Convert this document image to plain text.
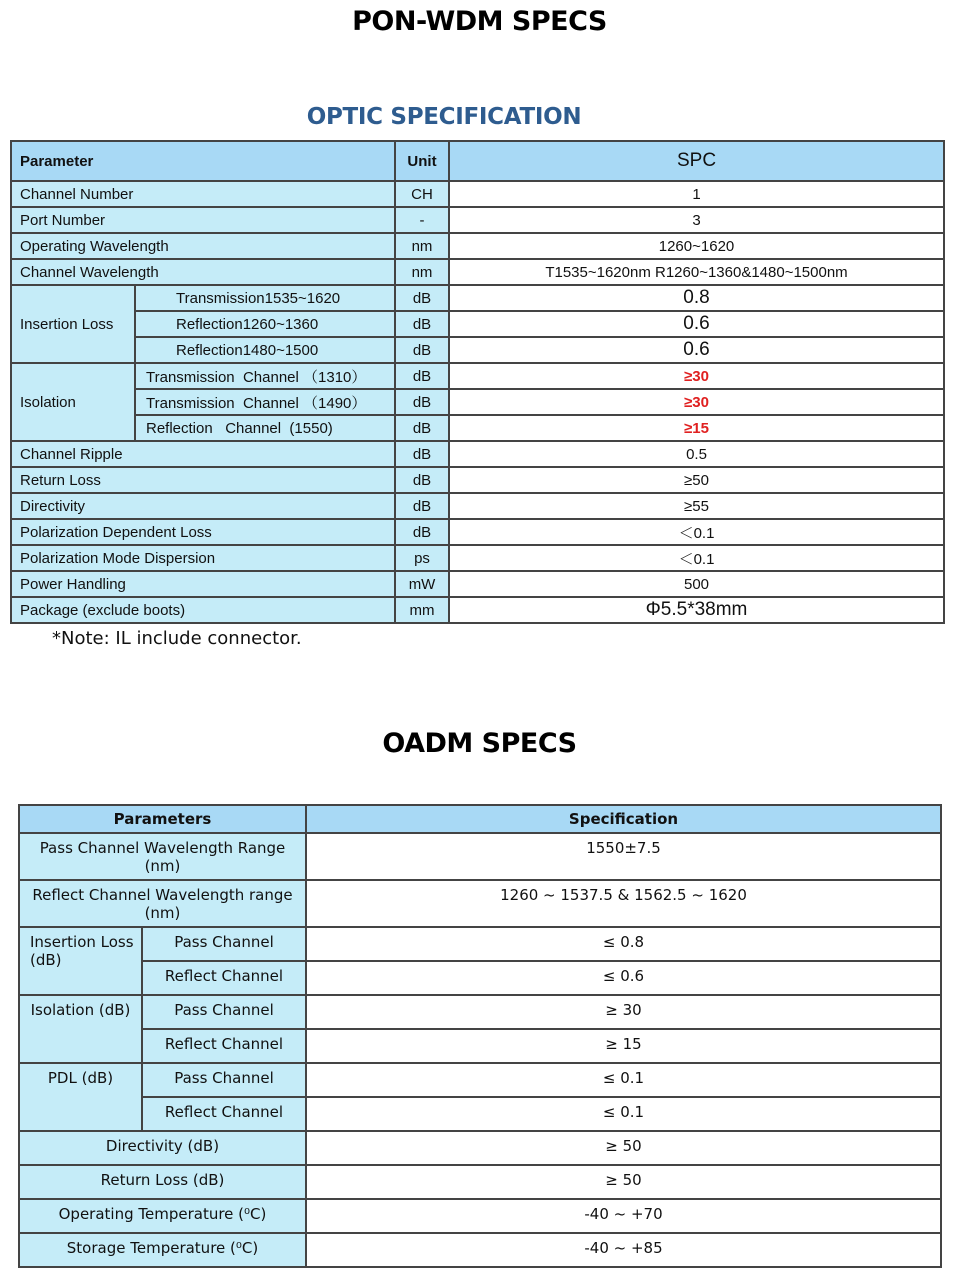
PON-WDM SPECS
OPTIC SPECIFICATION
Parameter		Unit	SPC
Channel Number		CH	1
Port Number		-	3
Operating Wavelength		nm	1260~1620
Channel Wavelength		nm	T1535~1620nm R1260~1360&1480~1500nm
Insertion Loss	Transmission1535~1620	dB	0.8
	Reflection1260~1360	dB	0.6
	Reflection1480~1500	dB	0.6
Isolation	Transmission  Channel （1310）	dB	≥30
	Transmission  Channel （1490）	dB	≥30
	Reflection   Channel  (1550)	dB	≥15
Channel Ripple		dB	0.5
Return Loss		dB	≥50
Directivity		dB	≥55
Polarization Dependent Loss		dB	＜0.1
Polarization Mode Dispersion		ps	＜0.1
Power Handling		mW	500
Package (exclude boots)		mm	Φ5.5*38mm
*Note: IL include connector.
OADM SPECS
Parameters		Specification
Pass Channel Wavelength Range (nm)		1550±7.5
Reflect Channel Wavelength range (nm)		1260 ~ 1537.5 & 1562.5 ~ 1620
Insertion Loss (dB)	Pass Channel	≤ 0.8
	Reflect Channel	≤ 0.6
Isolation (dB)	Pass Channel	≥ 30
	Reflect Channel	≥ 15
PDL (dB)	Pass Channel	≤ 0.1
	Reflect Channel	≤ 0.1
Directivity (dB)		≥ 50
Return Loss (dB)		≥ 50
Operating Temperature (⁰C)		-40 ~ +70
Storage Temperature (⁰C)		-40 ~ +85
